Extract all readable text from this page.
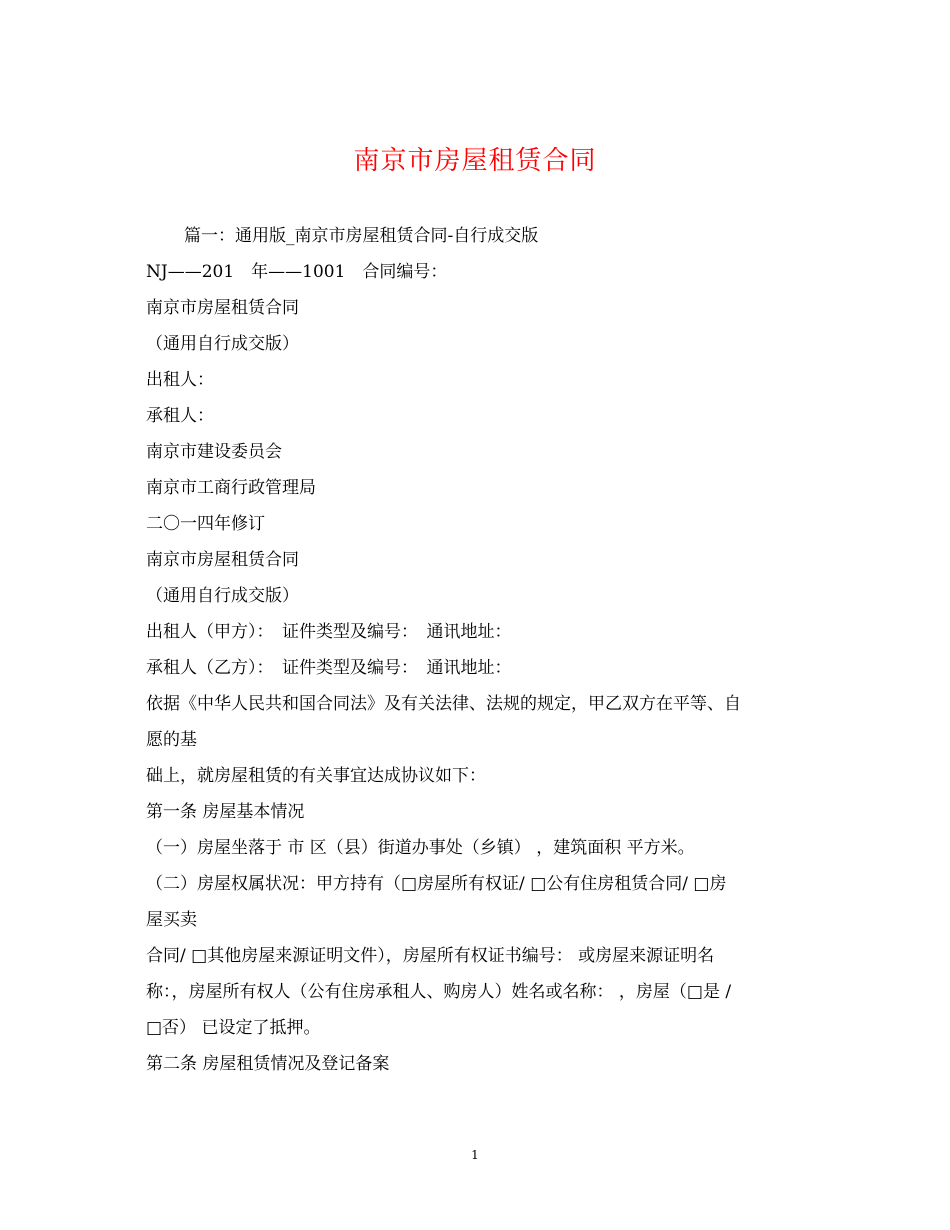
南京市房屋租赁合同
篇一：通用版_南京市房屋租赁合同-自行成交版
NJ——201　年——1001　合同编号：
南京市房屋租赁合同
（通用自行成交版）
出租人：
承租人：
南京市建设委员会
南京市工商行政管理局
二〇一四年修订
南京市房屋租赁合同
（通用自行成交版）
出租人（甲方）：　证件类型及编号：　通讯地址：
承租人（乙方）：　证件类型及编号：　通讯地址：
依据《中华人民共和国合同法》及有关法律、法规的规定，甲乙双方在平等、自
愿的基
础上，就房屋租赁的有关事宜达成协议如下：
第一条 房屋基本情况
（一）房屋坐落于 市 区（县）街道办事处（乡镇） ，建筑面积 平方米。
（二）房屋权属状况：甲方持有（□房屋所有权证/ □公有住房租赁合同/ □房
屋买卖
合同/ □其他房屋来源证明文件），房屋所有权证书编号： 或房屋来源证明名
称：，房屋所有权人（公有住房承租人、购房人）姓名或名称： ，房屋（□是 /
□否） 已设定了抵押。
第二条 房屋租赁情况及登记备案
1
